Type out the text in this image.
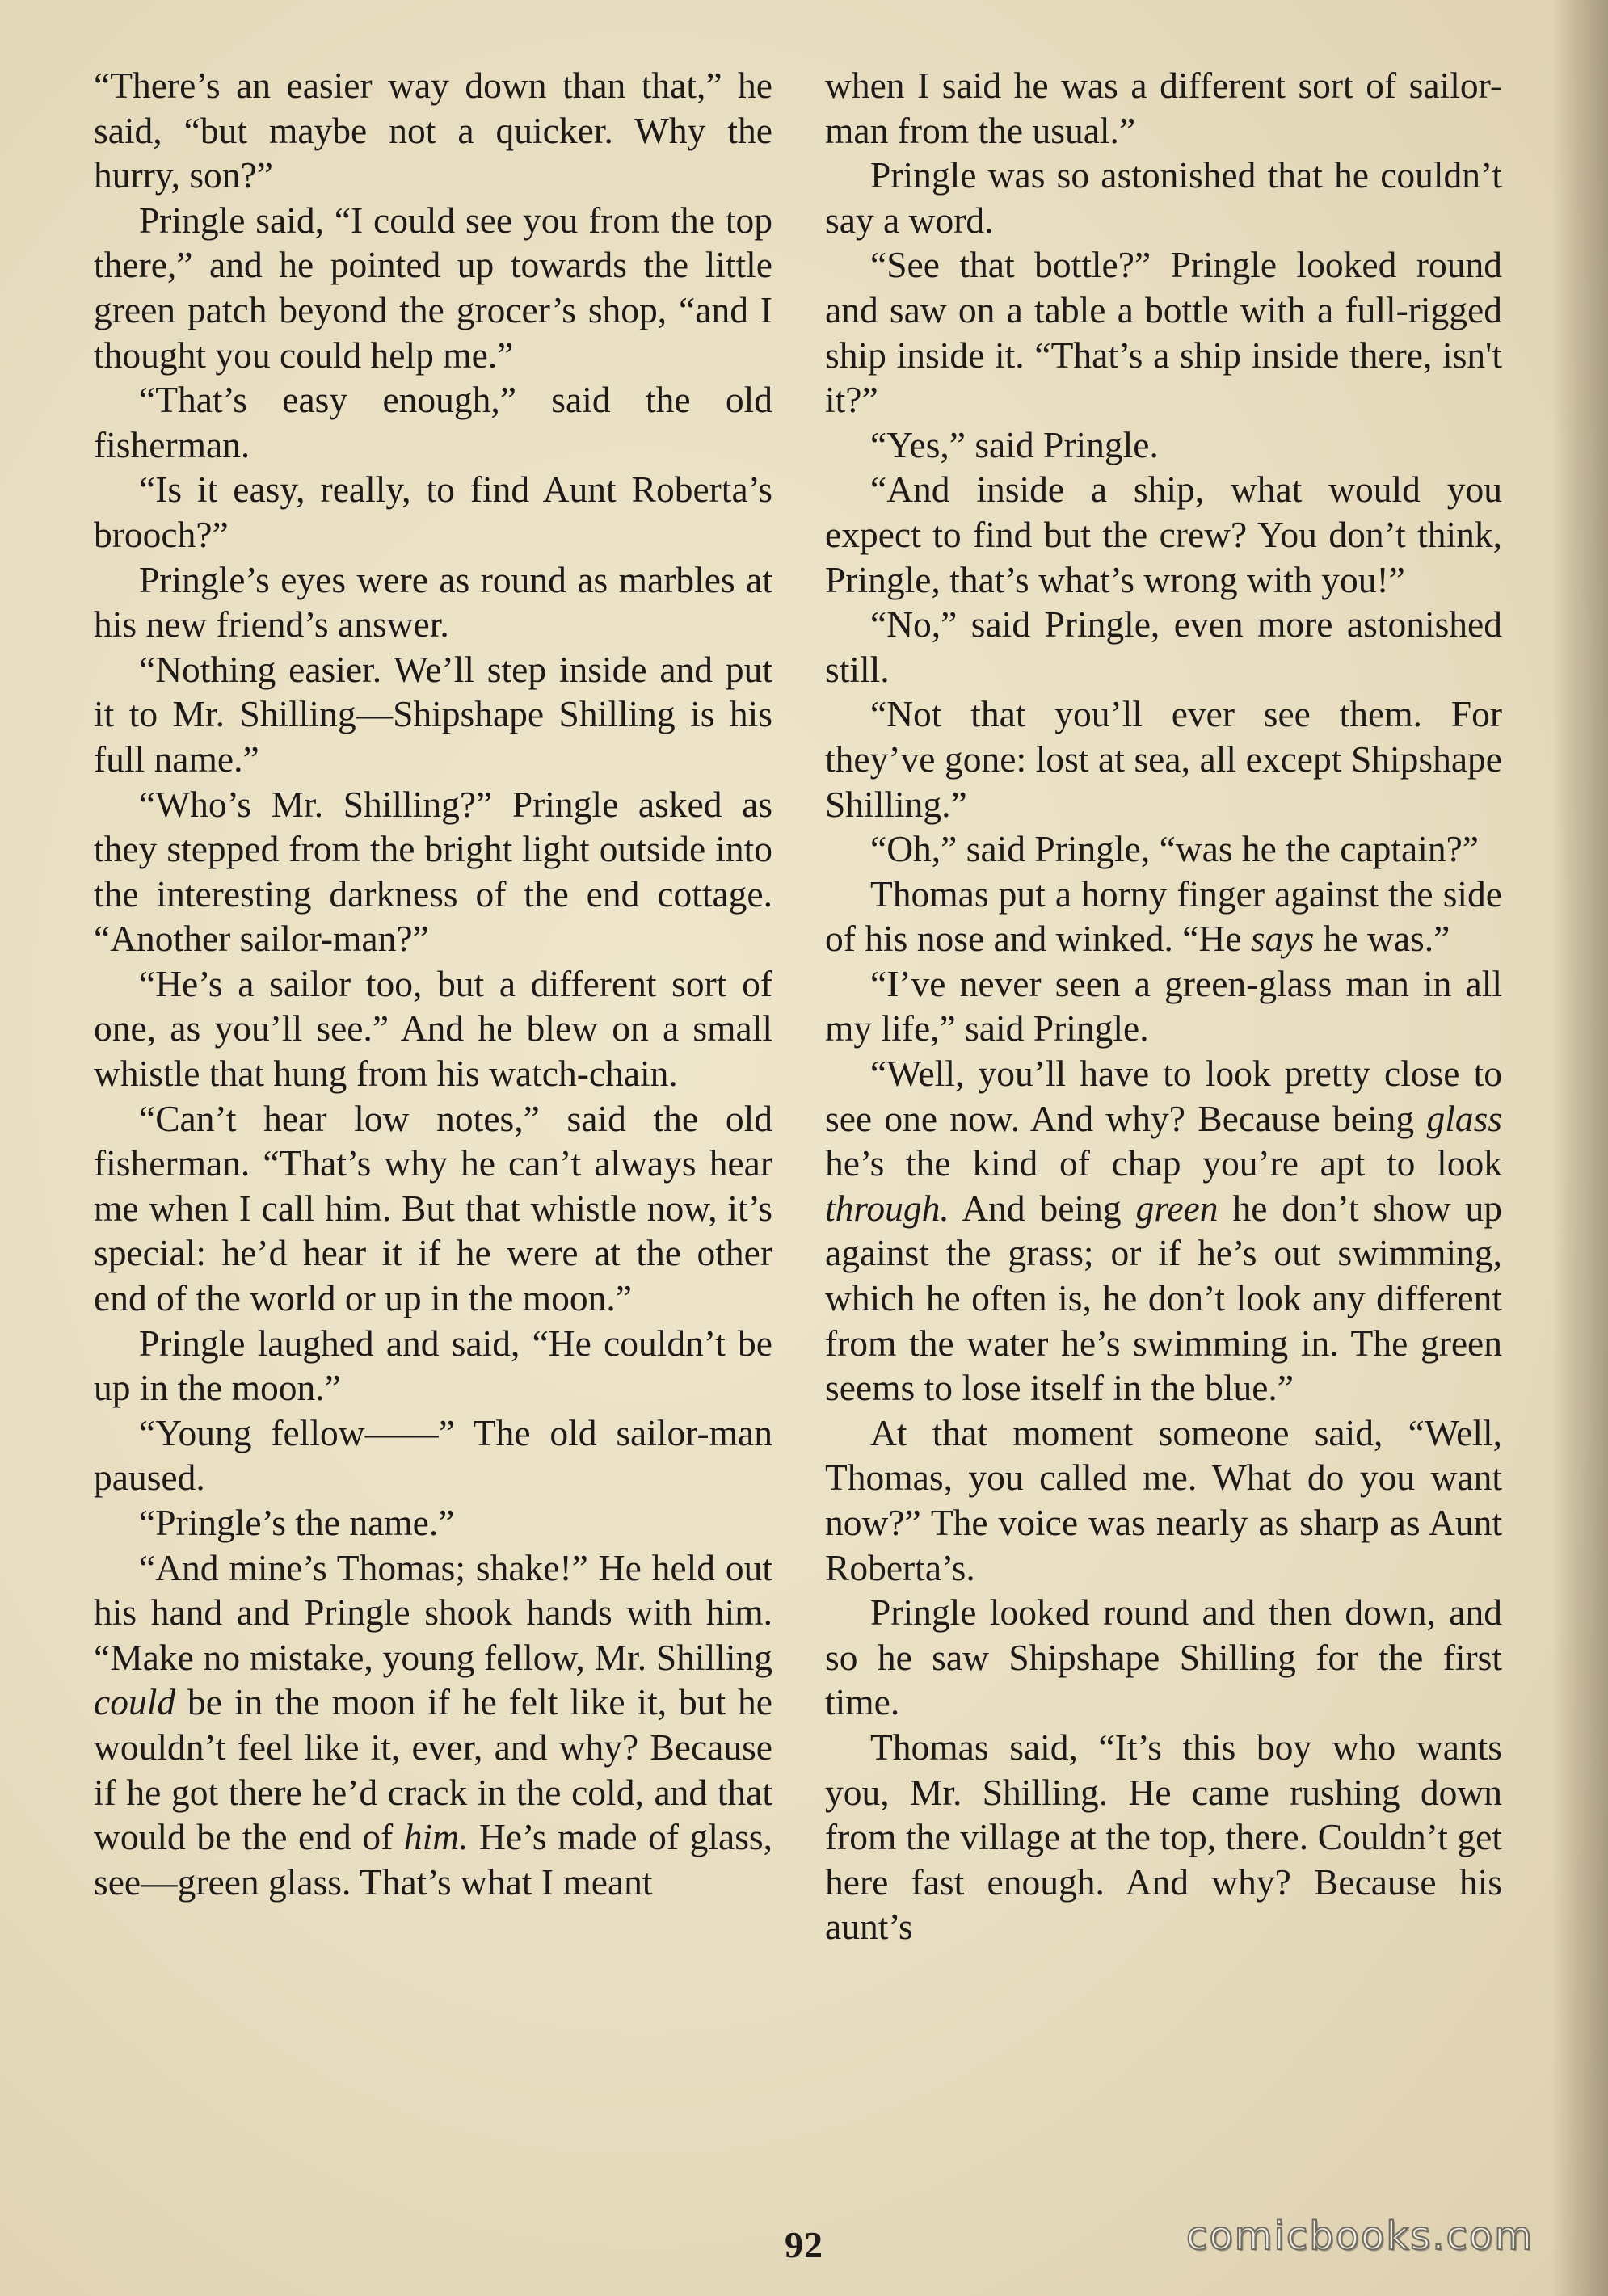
“There’s an easier way down than that,” he said, “but maybe not a quicker. Why the hurry, son?”

Pringle said, “I could see you from the top there,” and he pointed up towards the little green patch beyond the grocer’s shop, “and I thought you could help me.”

“That’s easy enough,” said the old fisherman.

“Is it easy, really, to find Aunt Roberta’s brooch?”

Pringle’s eyes were as round as marbles at his new friend’s answer.

“Nothing easier. We’ll step inside and put it to Mr. Shilling—Shipshape Shilling is his full name.”

“Who’s Mr. Shilling?” Pringle asked as they stepped from the bright light outside into the interesting darkness of the end cottage. “Another sailor-man?”

“He’s a sailor too, but a different sort of one, as you’ll see.” And he blew on a small whistle that hung from his watch-chain.

“Can’t hear low notes,” said the old fisherman. “That’s why he can’t always hear me when I call him. But that whistle now, it’s special: he’d hear it if he were at the other end of the world or up in the moon.”

Pringle laughed and said, “He couldn’t be up in the moon.”

“Young fellow——” The old sailor-man paused.

“Pringle’s the name.”

“And mine’s Thomas; shake!” He held out his hand and Pringle shook hands with him. “Make no mistake, young fellow, Mr. Shilling could be in the moon if he felt like it, but he wouldn’t feel like it, ever, and why? Because if he got there he’d crack in the cold, and that would be the end of him. He’s made of glass, see—green glass. That’s what I meant

when I said he was a different sort of sailor-man from the usual.”

Pringle was so astonished that he couldn’t say a word.

“See that bottle?” Pringle looked round and saw on a table a bottle with a full-rigged ship inside it. “That’s a ship inside there, isn't it?”

“Yes,” said Pringle.

“And inside a ship, what would you expect to find but the crew? You don’t think, Pringle, that’s what’s wrong with you!”

“No,” said Pringle, even more astonished still.

“Not that you’ll ever see them. For they’ve gone: lost at sea, all except Shipshape Shilling.”

“Oh,” said Pringle, “was he the captain?”

Thomas put a horny finger against the side of his nose and winked. “He says he was.”

“I’ve never seen a green-glass man in all my life,” said Pringle.

“Well, you’ll have to look pretty close to see one now. And why? Because being glass he’s the kind of chap you’re apt to look through. And being green he don’t show up against the grass; or if he’s out swimming, which he often is, he don’t look any different from the water he’s swimming in. The green seems to lose itself in the blue.”

At that moment someone said, “Well, Thomas, you called me. What do you want now?” The voice was nearly as sharp as Aunt Roberta’s.

Pringle looked round and then down, and so he saw Shipshape Shilling for the first time.

Thomas said, “It’s this boy who wants you, Mr. Shilling. He came rushing down from the village at the top, there. Couldn’t get here fast enough. And why? Because his aunt’s

92	comicbooks.com
